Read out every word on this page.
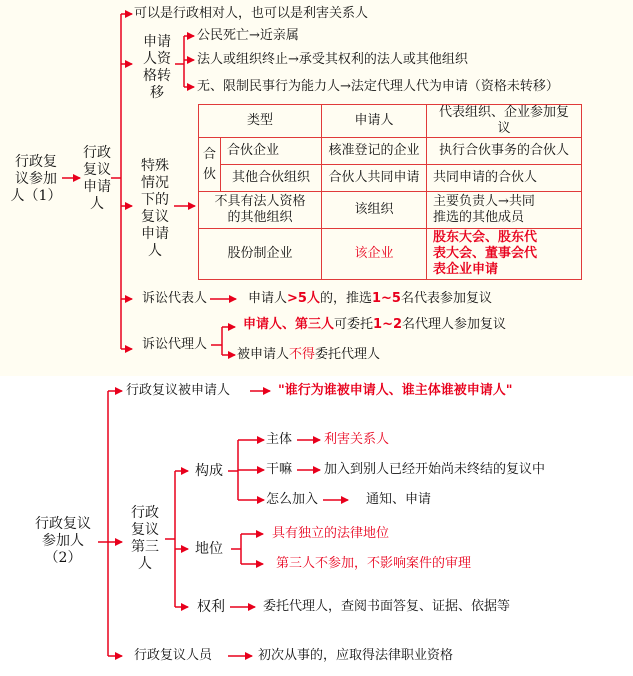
行政复议参加人（1）
行政复议申请人
可以是行政相对人，也可以是利害关系人
申请人资格转移
公民死亡→近亲属
法人或组织终止→承受其权利的法人或其他组织
无、限制民事行为能力人→法定代理人代为申请（资格未转移）
特殊情况下的复议申请人
类型		申请人	代表组织、企业参加复议
合伙	合伙企业	核准登记的企业	执行合伙事务的合伙人
	其他合伙组织	合伙人共同申请	共同申请的合伙人
不具有法人资格的其他组织		该组织	主要负责人→共同推选的其他成员
股份制企业		该企业	股东大会、股东代表大会、董事会代表企业申请
诉讼代表人	申请人>5人的，推选1~5名代表参加复议
诉讼代理人
申请人、第三人可委托1~2名代理人参加复议
被申请人不得委托代理人
行政复议参加人（2）
行政复议被申请人	"谁行为谁被申请人、谁主体谁被申请人"
行政复议第三人
构成
主体 利害关系人
干嘛 加入到别人已经开始尚未终结的复议中
怎么加入	通知、申请
地位
具有独立的法律地位
第三人不参加，不影响案件的审理
权利	委托代理人，查阅书面答复、证据、依据等
行政复议人员	初次从事的，应取得法律职业资格
